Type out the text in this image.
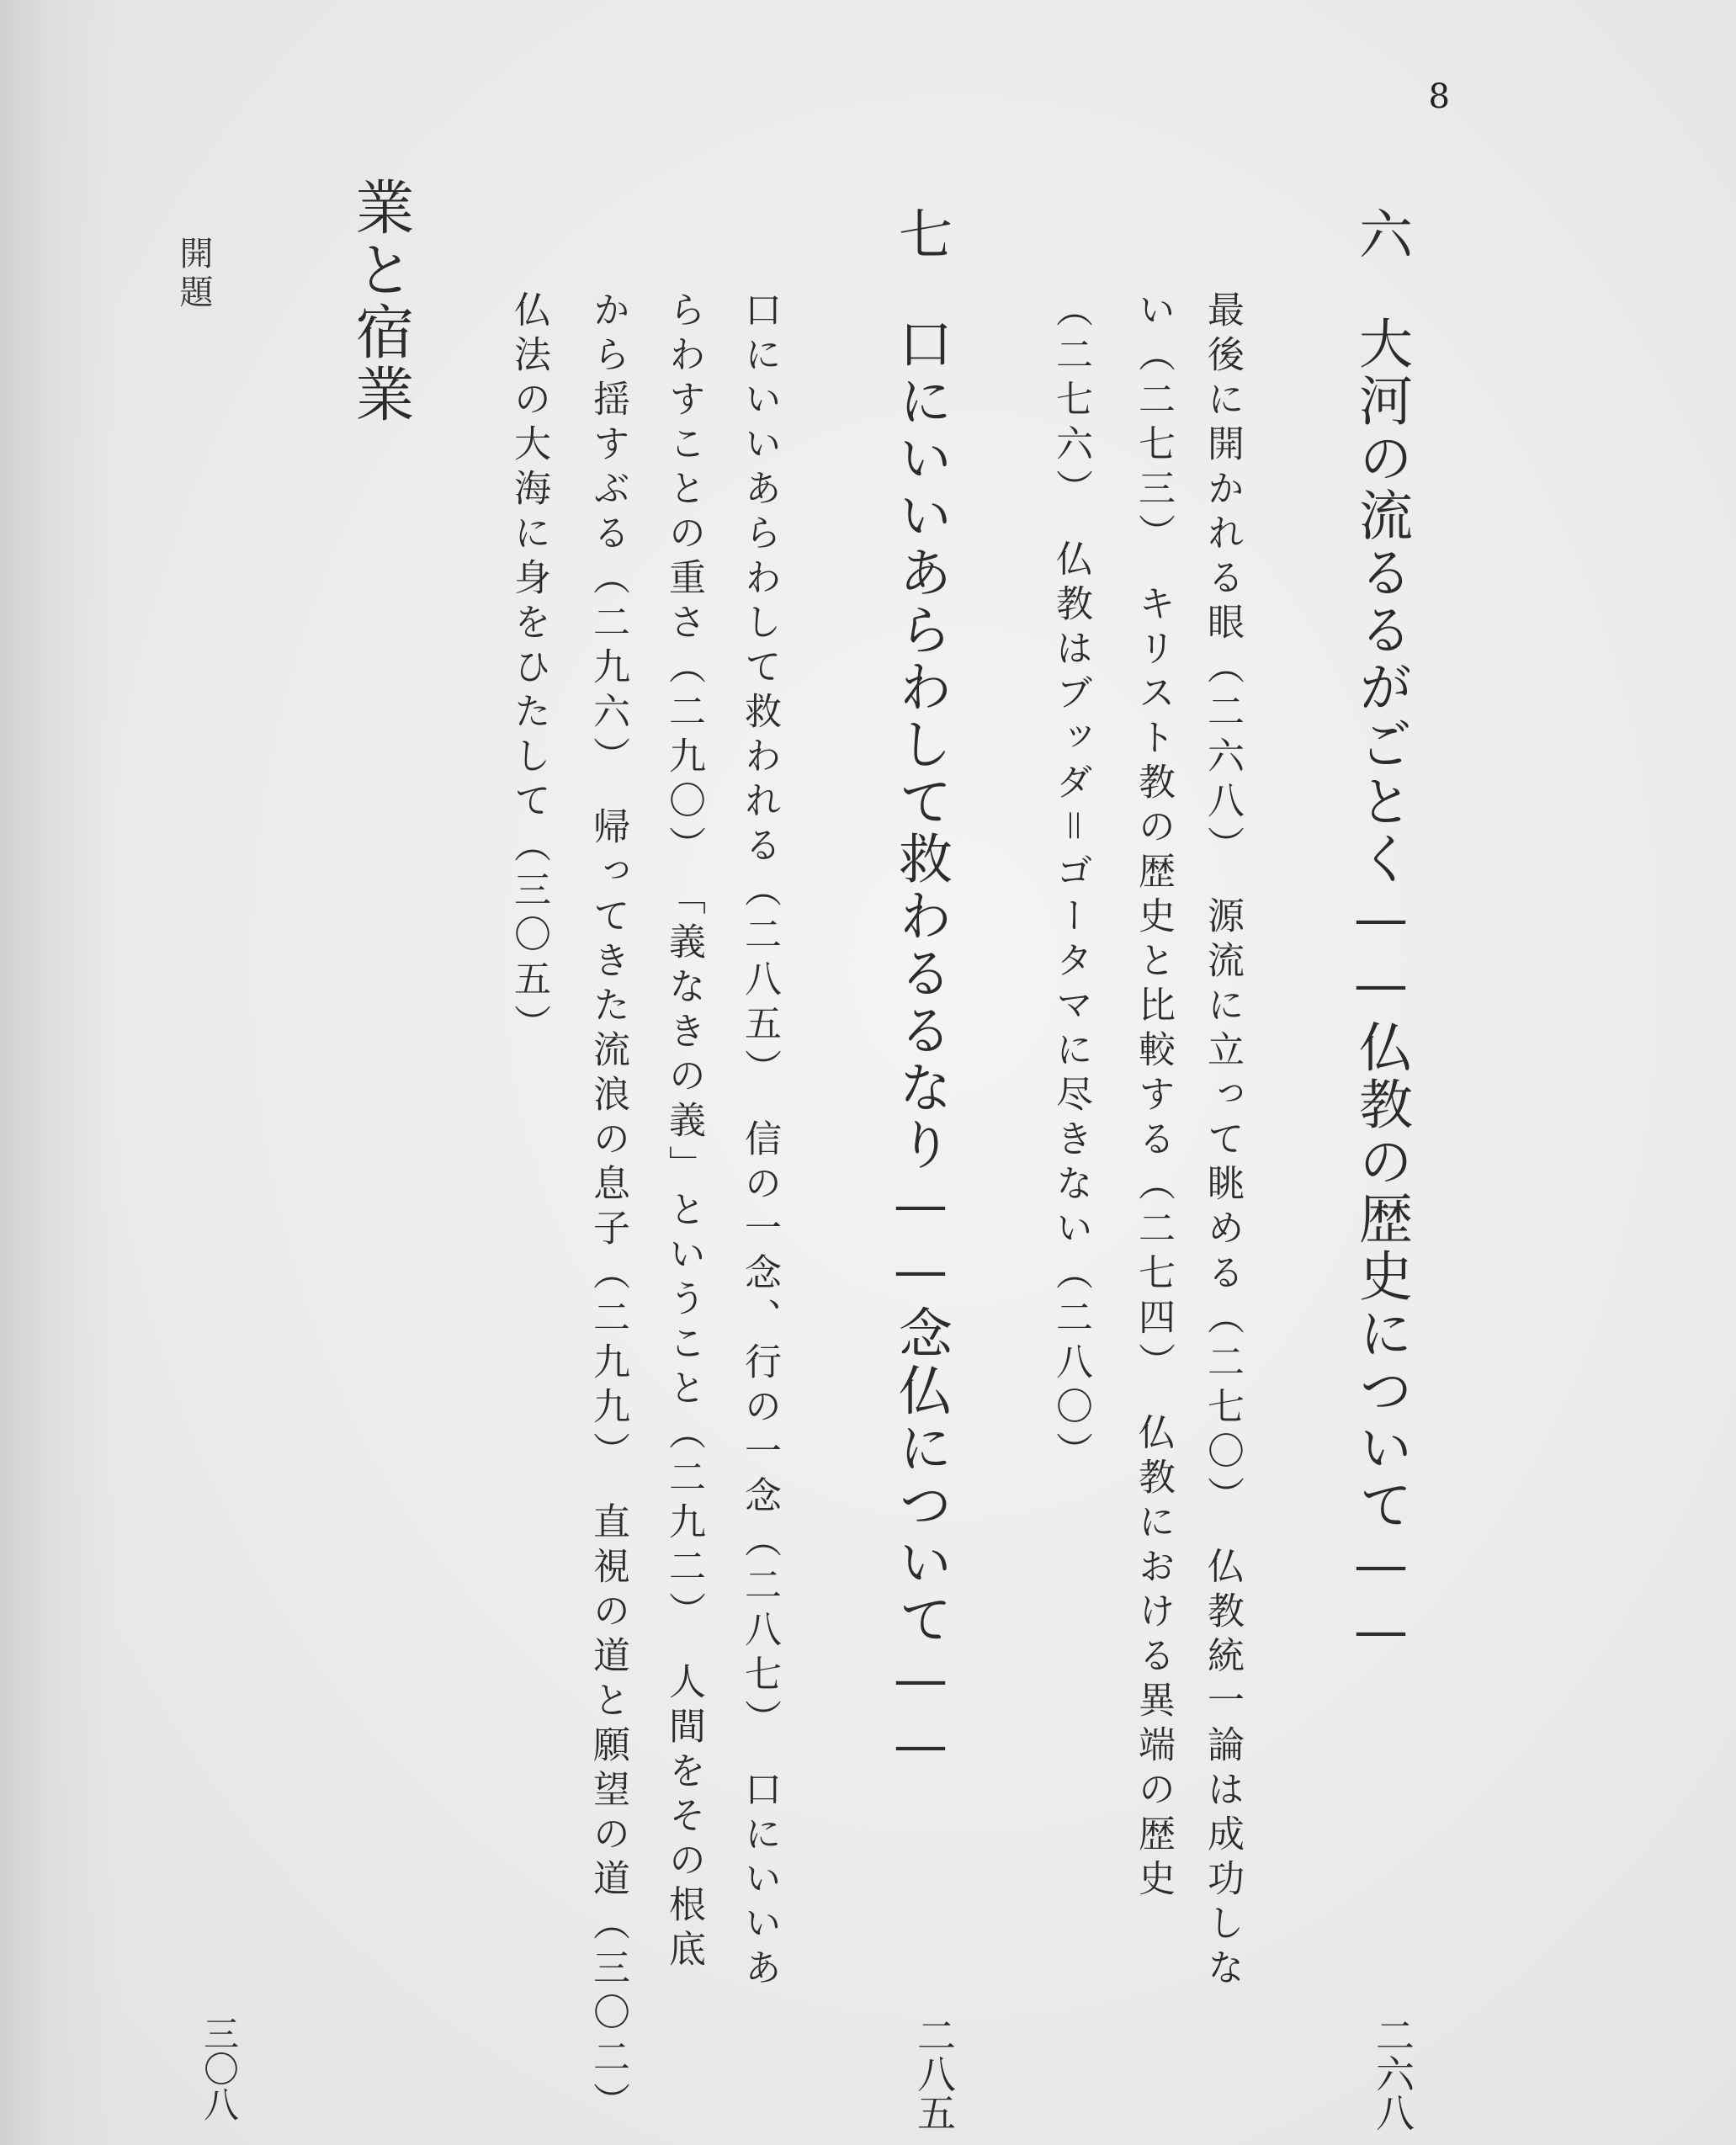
8
六大河の流るるがごとく——仏教の歴史について——
二六八
最後に開かれる眼（二六八）　源流に立って眺める（二七〇）　仏教統一論は成功しな
い（二七三）　キリスト教の歴史と比較する（二七四）　仏教における異端の歴史
（二七六）　仏教はブッダ＝ゴータマに尽きない（二八〇）
七口にいいあらわして救わるるなり——念仏について——
二八五
口にいいあらわして救われる（二八五）　信の一念、行の一念（二八七）　口にいいあ
らわすことの重さ（二九〇）　「義なきの義」ということ（二九二）　人間をその根底
から揺すぶる（二九六）　帰ってきた流浪の息子（二九九）　直視の道と願望の道（三〇二）
仏法の大海に身をひたして（三〇五）
業と宿業
開題
三〇八
